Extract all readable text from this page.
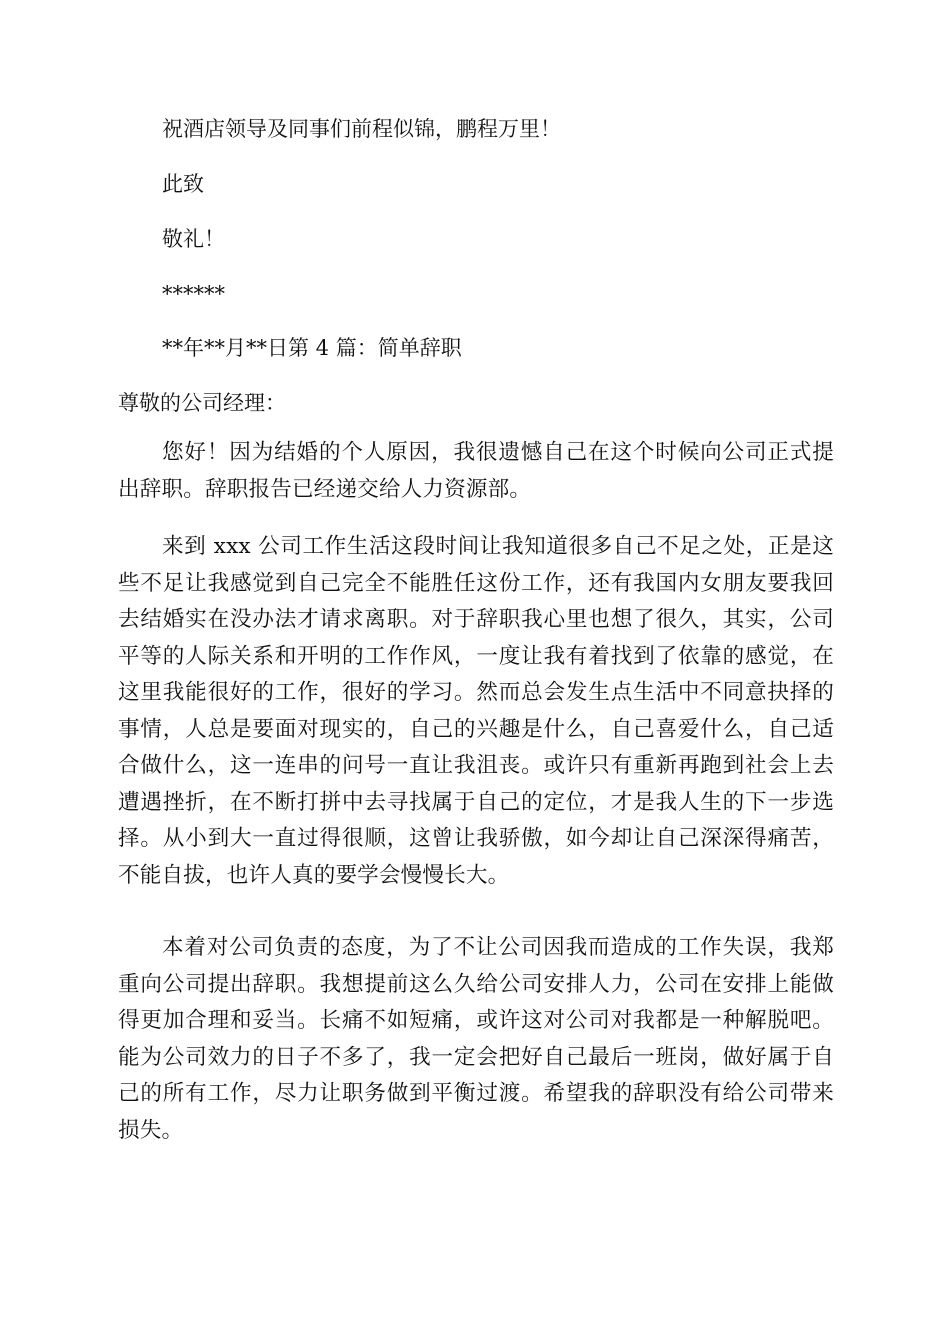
祝酒店领导及同事们前程似锦，鹏程万里！
此致
敬礼！
******
**年**月**日第 4 篇：简单辞职
尊敬的公司经理：
您好！因为结婚的个人原因，我很遗憾自己在这个时候向公司正式提出辞职。辞职报告已经递交给人力资源部。
来到 xxx 公司工作生活这段时间让我知道很多自己不足之处，正是这些不足让我感觉到自己完全不能胜任这份工作，还有我国内女朋友要我回去结婚实在没办法才请求离职。对于辞职我心里也想了很久，其实，公司平等的人际关系和开明的工作作风，一度让我有着找到了依靠的感觉，在这里我能很好的工作，很好的学习。然而总会发生点生活中不同意抉择的事情，人总是要面对现实的，自己的兴趣是什么，自己喜爱什么，自己适合做什么，这一连串的问号一直让我沮丧。或许只有重新再跑到社会上去遭遇挫折，在不断打拼中去寻找属于自己的定位，才是我人生的下一步选择。从小到大一直过得很顺，这曾让我骄傲，如今却让自己深深得痛苦，不能自拔，也许人真的要学会慢慢长大。
本着对公司负责的态度，为了不让公司因我而造成的工作失误，我郑重向公司提出辞职。我想提前这么久给公司安排人力，公司在安排上能做得更加合理和妥当。长痛不如短痛，或许这对公司对我都是一种解脱吧。能为公司效力的日子不多了，我一定会把好自己最后一班岗，做好属于自己的所有工作，尽力让职务做到平衡过渡。希望我的辞职没有给公司带来损失。
